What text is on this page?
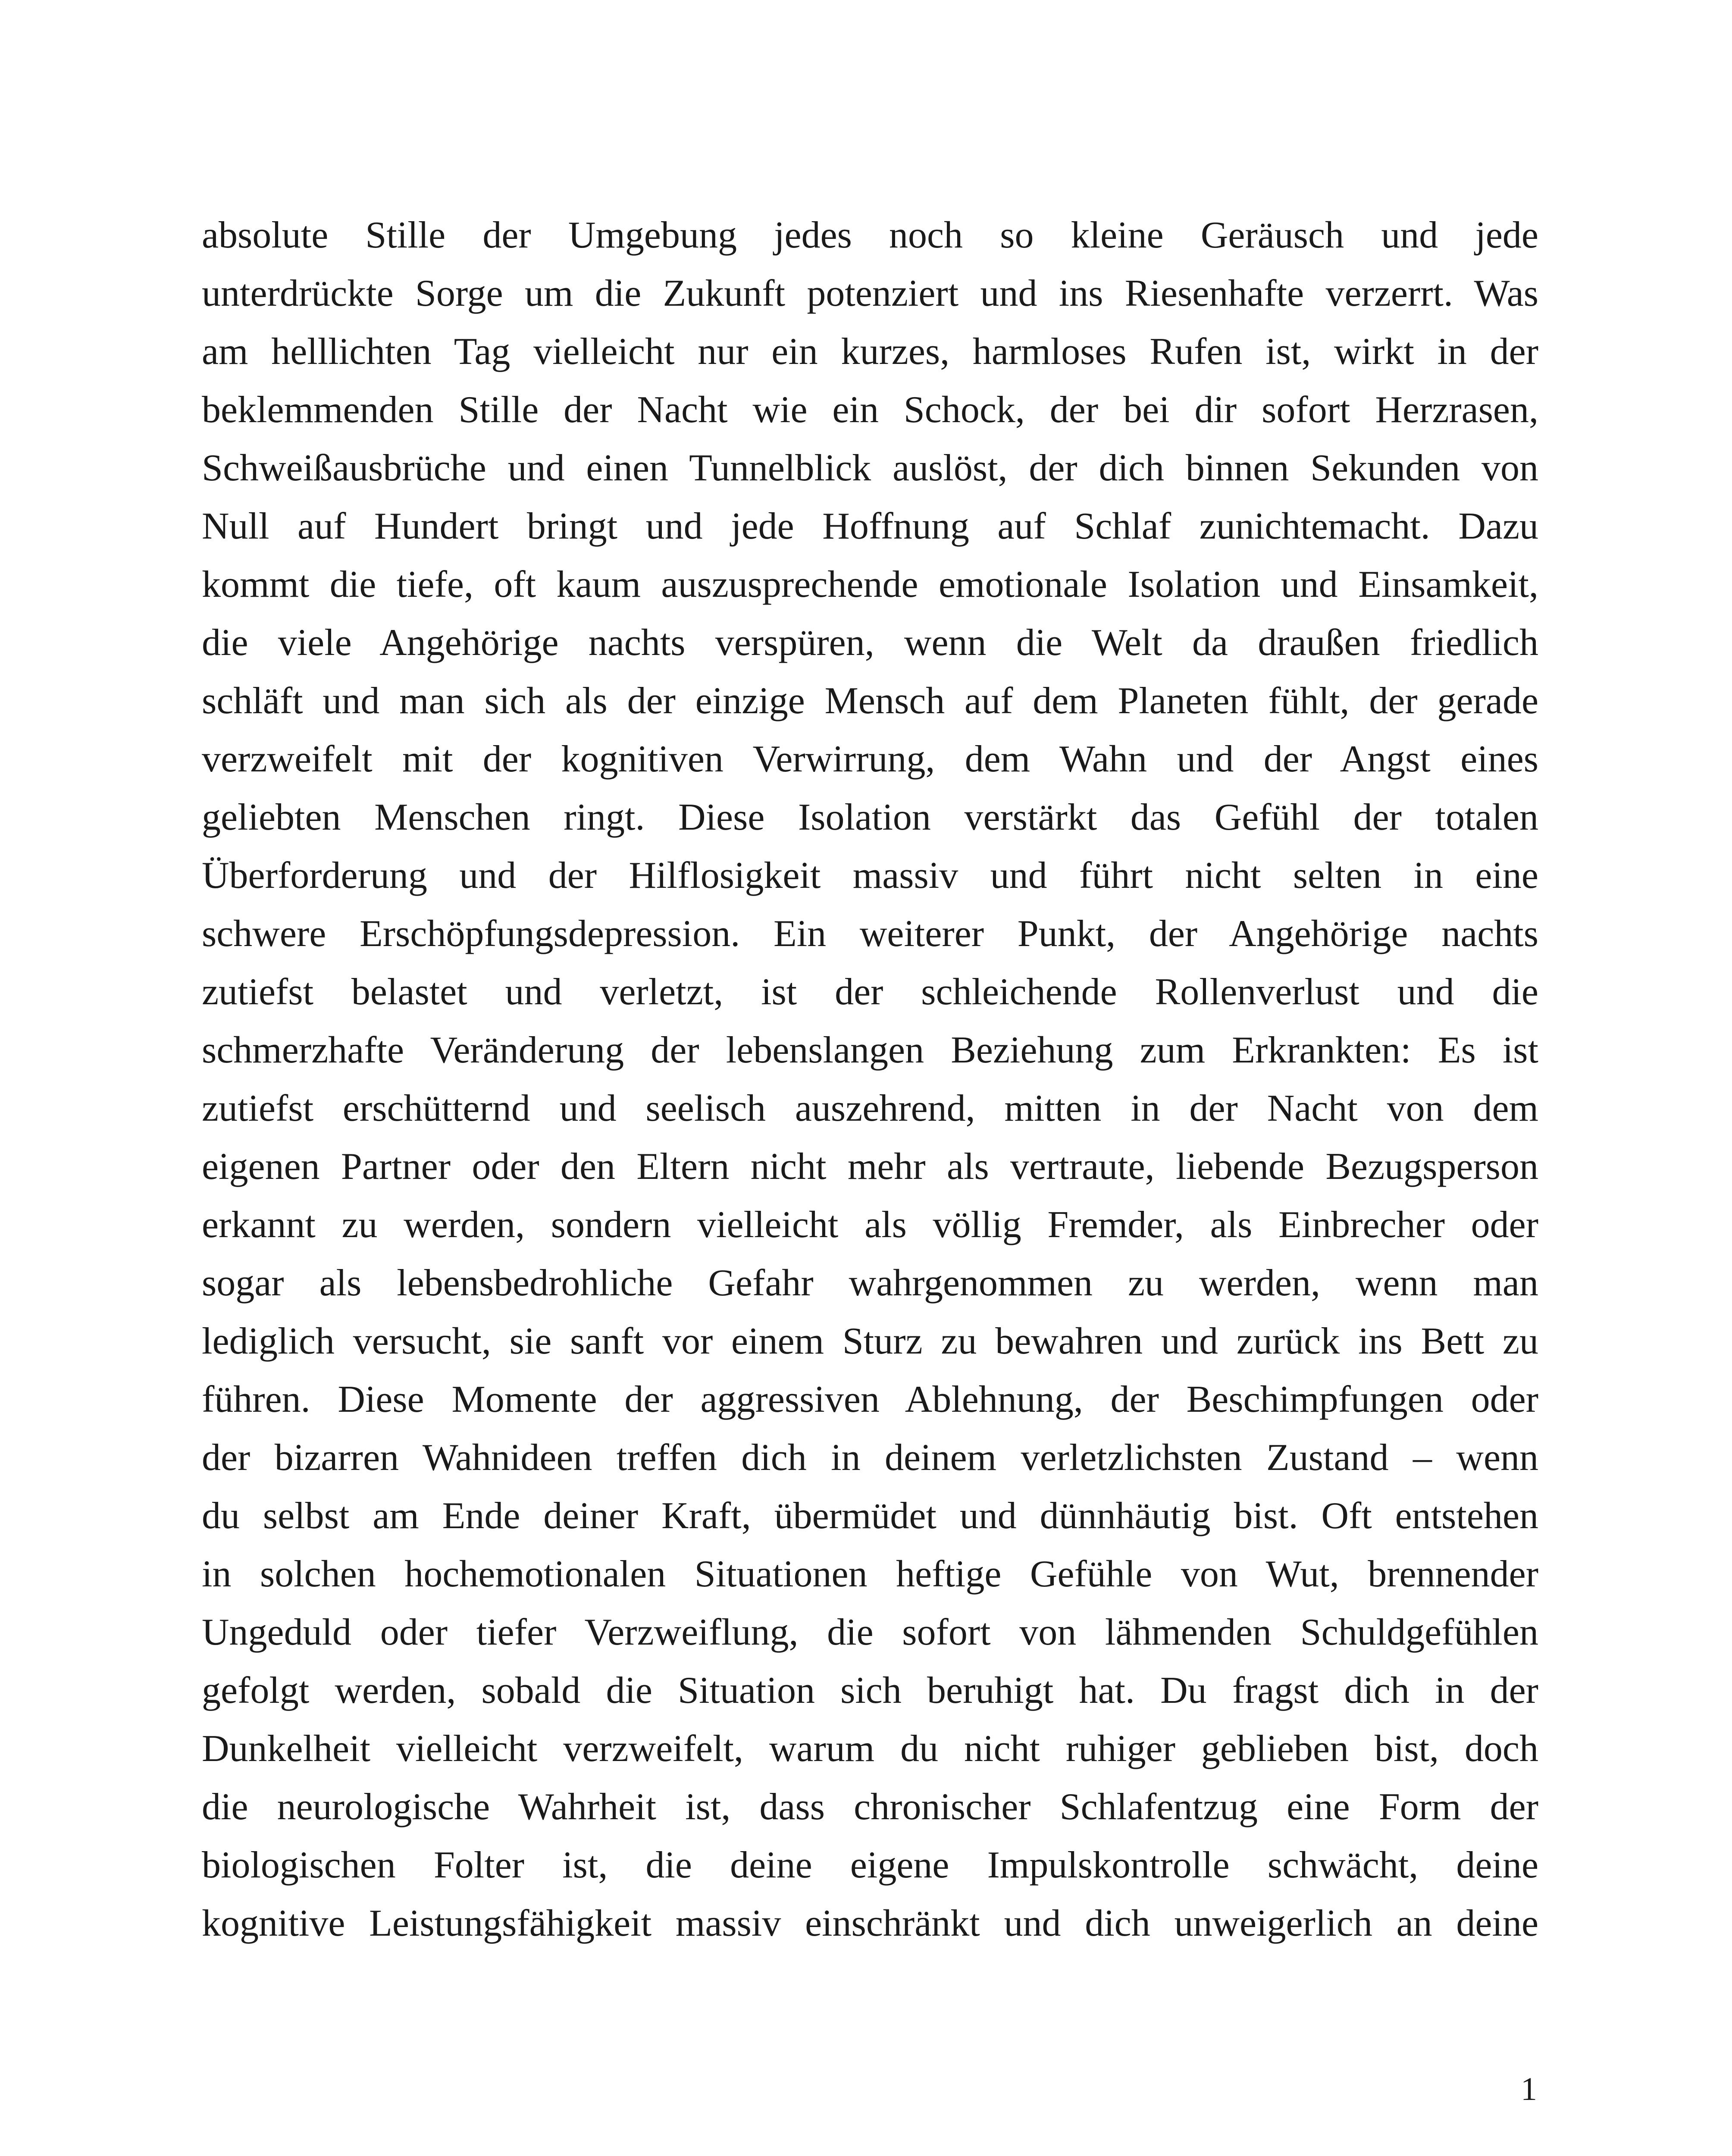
absolute Stille der Umgebung jedes noch so kleine Geräusch und jede
unterdrückte Sorge um die Zukunft potenziert und ins Riesenhafte verzerrt. Was
am helllichten Tag vielleicht nur ein kurzes, harmloses Rufen ist, wirkt in der
beklemmenden Stille der Nacht wie ein Schock, der bei dir sofort Herzrasen,
Schweißausbrüche und einen Tunnelblick auslöst, der dich binnen Sekunden von
Null auf Hundert bringt und jede Hoffnung auf Schlaf zunichtemacht. Dazu
kommt die tiefe, oft kaum auszusprechende emotionale Isolation und Einsamkeit,
die viele Angehörige nachts verspüren, wenn die Welt da draußen friedlich
schläft und man sich als der einzige Mensch auf dem Planeten fühlt, der gerade
verzweifelt mit der kognitiven Verwirrung, dem Wahn und der Angst eines
geliebten Menschen ringt. Diese Isolation verstärkt das Gefühl der totalen
Überforderung und der Hilflosigkeit massiv und führt nicht selten in eine
schwere Erschöpfungsdepression. Ein weiterer Punkt, der Angehörige nachts
zutiefst belastet und verletzt, ist der schleichende Rollenverlust und die
schmerzhafte Veränderung der lebenslangen Beziehung zum Erkrankten: Es ist
zutiefst erschütternd und seelisch auszehrend, mitten in der Nacht von dem
eigenen Partner oder den Eltern nicht mehr als vertraute, liebende Bezugsperson
erkannt zu werden, sondern vielleicht als völlig Fremder, als Einbrecher oder
sogar als lebensbedrohliche Gefahr wahrgenommen zu werden, wenn man
lediglich versucht, sie sanft vor einem Sturz zu bewahren und zurück ins Bett zu
führen. Diese Momente der aggressiven Ablehnung, der Beschimpfungen oder
der bizarren Wahnideen treffen dich in deinem verletzlichsten Zustand – wenn
du selbst am Ende deiner Kraft, übermüdet und dünnhäutig bist. Oft entstehen
in solchen hochemotionalen Situationen heftige Gefühle von Wut, brennender
Ungeduld oder tiefer Verzweiflung, die sofort von lähmenden Schuldgefühlen
gefolgt werden, sobald die Situation sich beruhigt hat. Du fragst dich in der
Dunkelheit vielleicht verzweifelt, warum du nicht ruhiger geblieben bist, doch
die neurologische Wahrheit ist, dass chronischer Schlafentzug eine Form der
biologischen Folter ist, die deine eigene Impulskontrolle schwächt, deine
kognitive Leistungsfähigkeit massiv einschränkt und dich unweigerlich an deine
1
